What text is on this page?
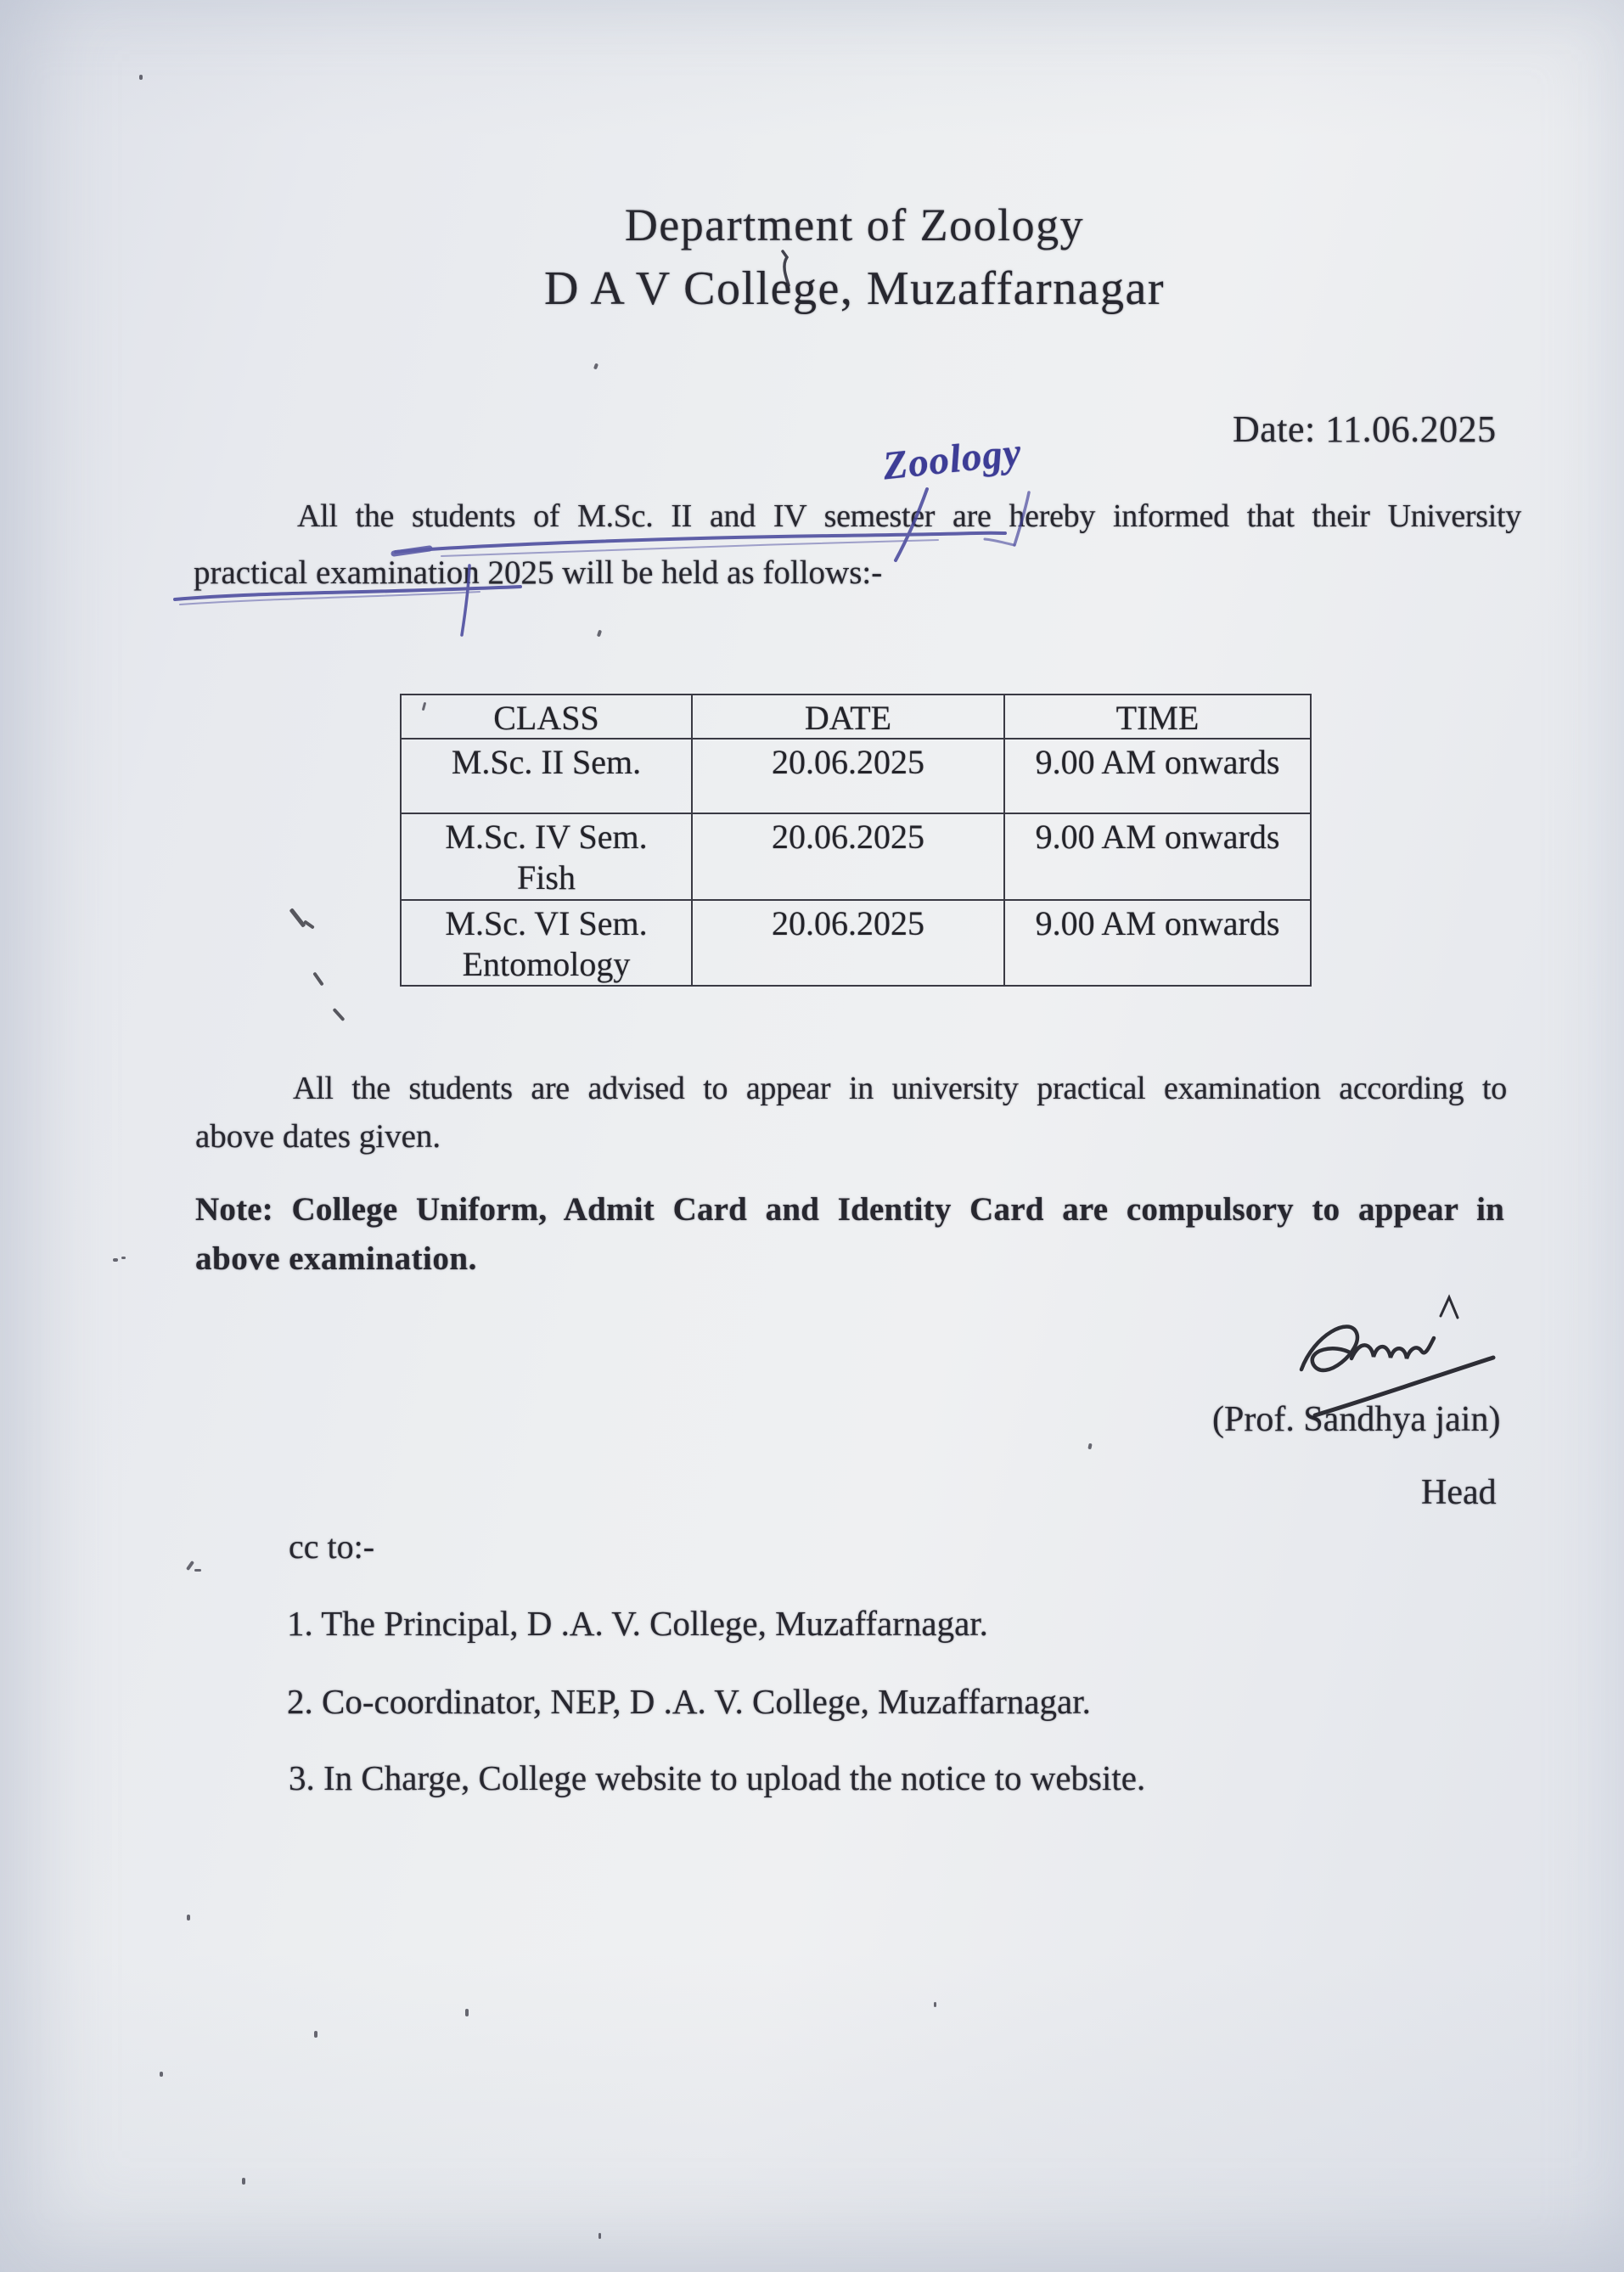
Department of Zoology
D A V College, Muzaffarnagar
Date: 11.06.2025
All the students of M.Sc. II and IV semester are hereby informed that their University
practical examination 2025 will be held as follows:-
Zoology
CLASS	DATE	TIME

M.Sc. II Sem.	20.06.2025	9.00 AM onwards

M.Sc. IV Sem.
Fish	20.06.2025	9.00 AM onwards

M.Sc. VI Sem.
Entomology	20.06.2025	9.00 AM onwards
All the students are advised to appear in university practical examination according to
above dates given.
Note: College Uniform, Admit Card and Identity Card are compulsory to appear in
above examination.
(Prof. Sandhya jain)
Head
cc to:-
1. The Principal, D .A. V. College, Muzaffarnagar.
2. Co-coordinator, NEP, D .A. V. College, Muzaffarnagar.
3. In Charge, College website to upload the notice to website.
